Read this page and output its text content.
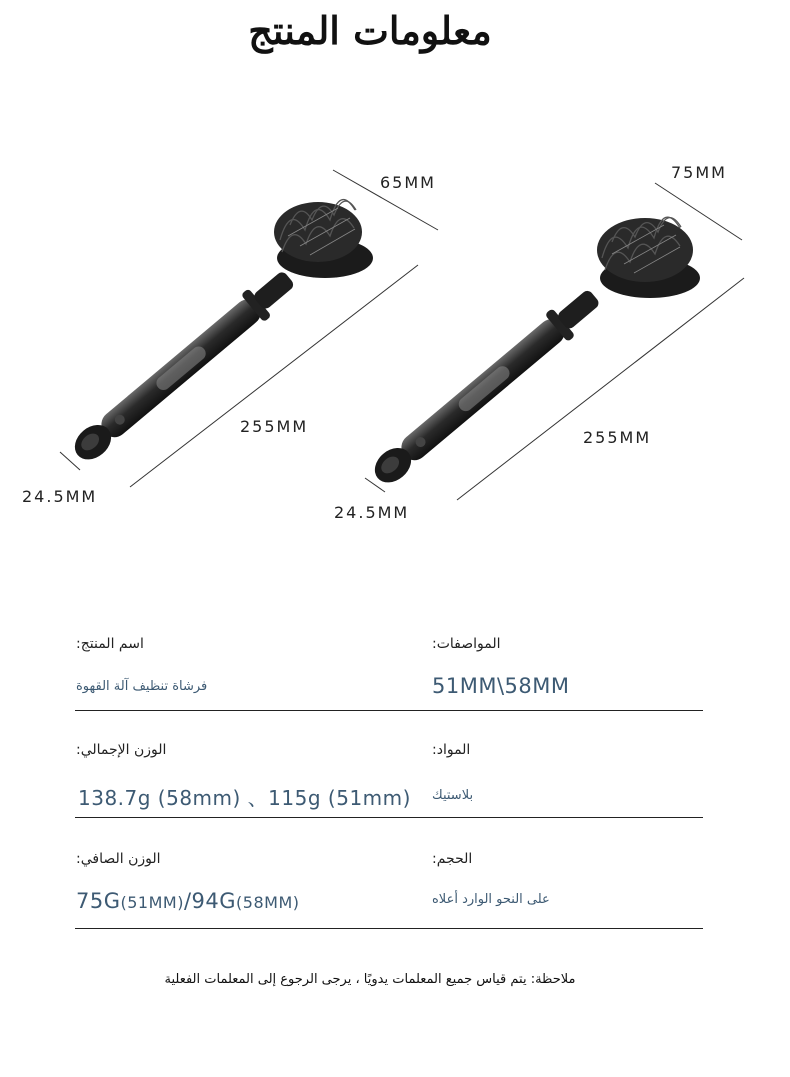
معلومات المنتج
65MM
255MM
24.5MM
75MM
255MM
24.5MM
اسم المنتج:
فرشاة تنظيف آلة القهوة
المواصفات:
51MM\58MM
الوزن الإجمالي:
138.7g (58mm) 、115g (51mm)
المواد:
بلاستيك
الوزن الصافي:
75G(51MM)/94G(58MM)
الحجم:
على النحو الوارد أعلاه
ملاحظة: يتم قياس جميع المعلمات يدويًا ، يرجى الرجوع إلى المعلمات الفعلية
